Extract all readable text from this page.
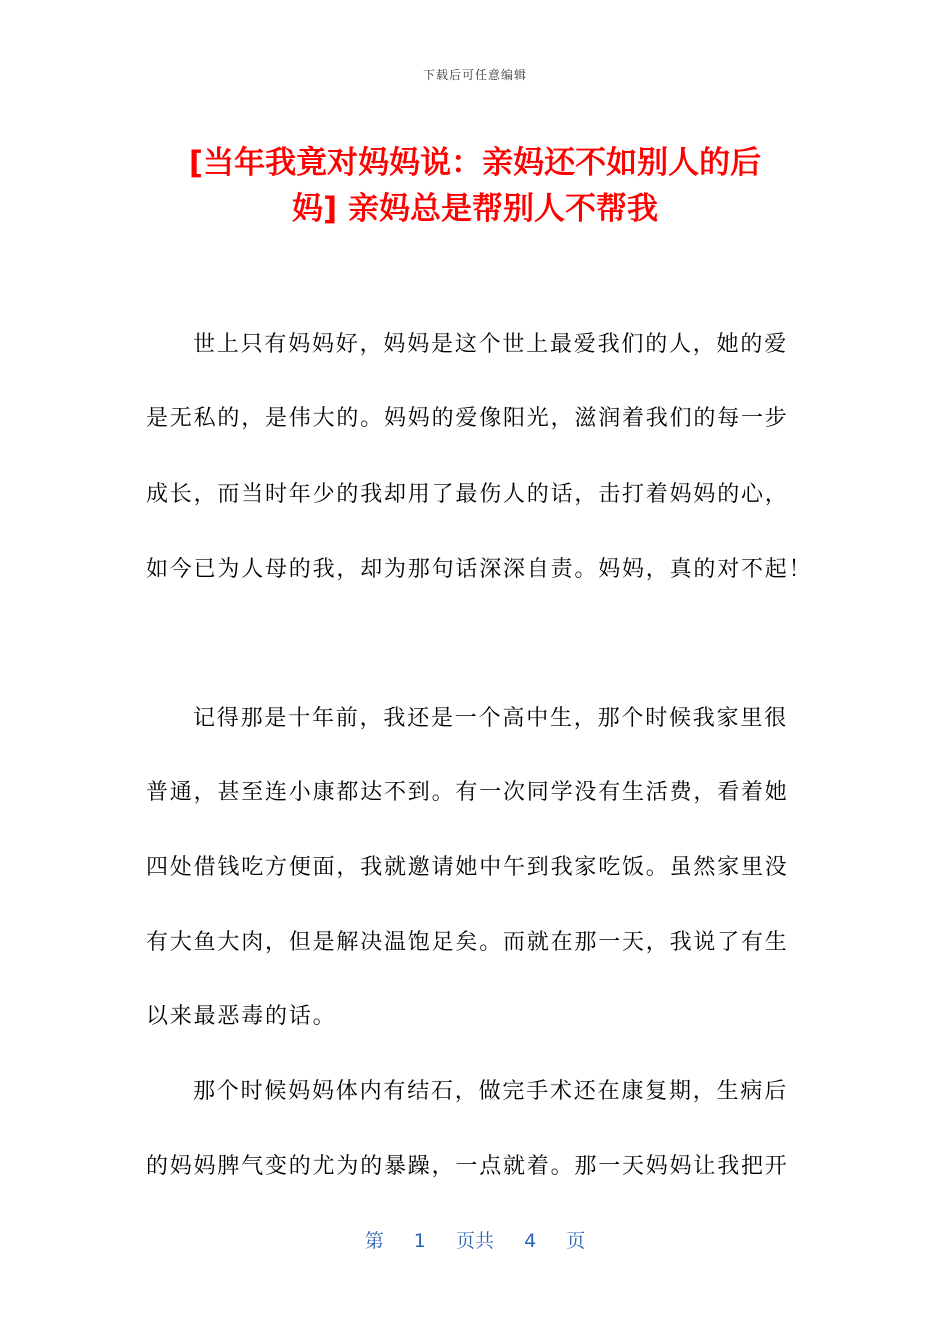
下载后可任意编辑
[当年我竟对妈妈说：亲妈还不如别人的后
妈] 亲妈总是帮别人不帮我
世上只有妈妈好，妈妈是这个世上最爱我们的人，她的爱
是无私的，是伟大的。妈妈的爱像阳光，滋润着我们的每一步
成长，而当时年少的我却用了最伤人的话，击打着妈妈的心，
如今已为人母的我，却为那句话深深自责。妈妈，真的对不起！
记得那是十年前，我还是一个高中生，那个时候我家里很
普通，甚至连小康都达不到。有一次同学没有生活费，看着她
四处借钱吃方便面，我就邀请她中午到我家吃饭。虽然家里没
有大鱼大肉，但是解决温饱足矣。而就在那一天，我说了有生
以来最恶毒的话。
那个时候妈妈体内有结石，做完手术还在康复期，生病后
的妈妈脾气变的尤为的暴躁，一点就着。那一天妈妈让我把开
第 1 页共 4 页
